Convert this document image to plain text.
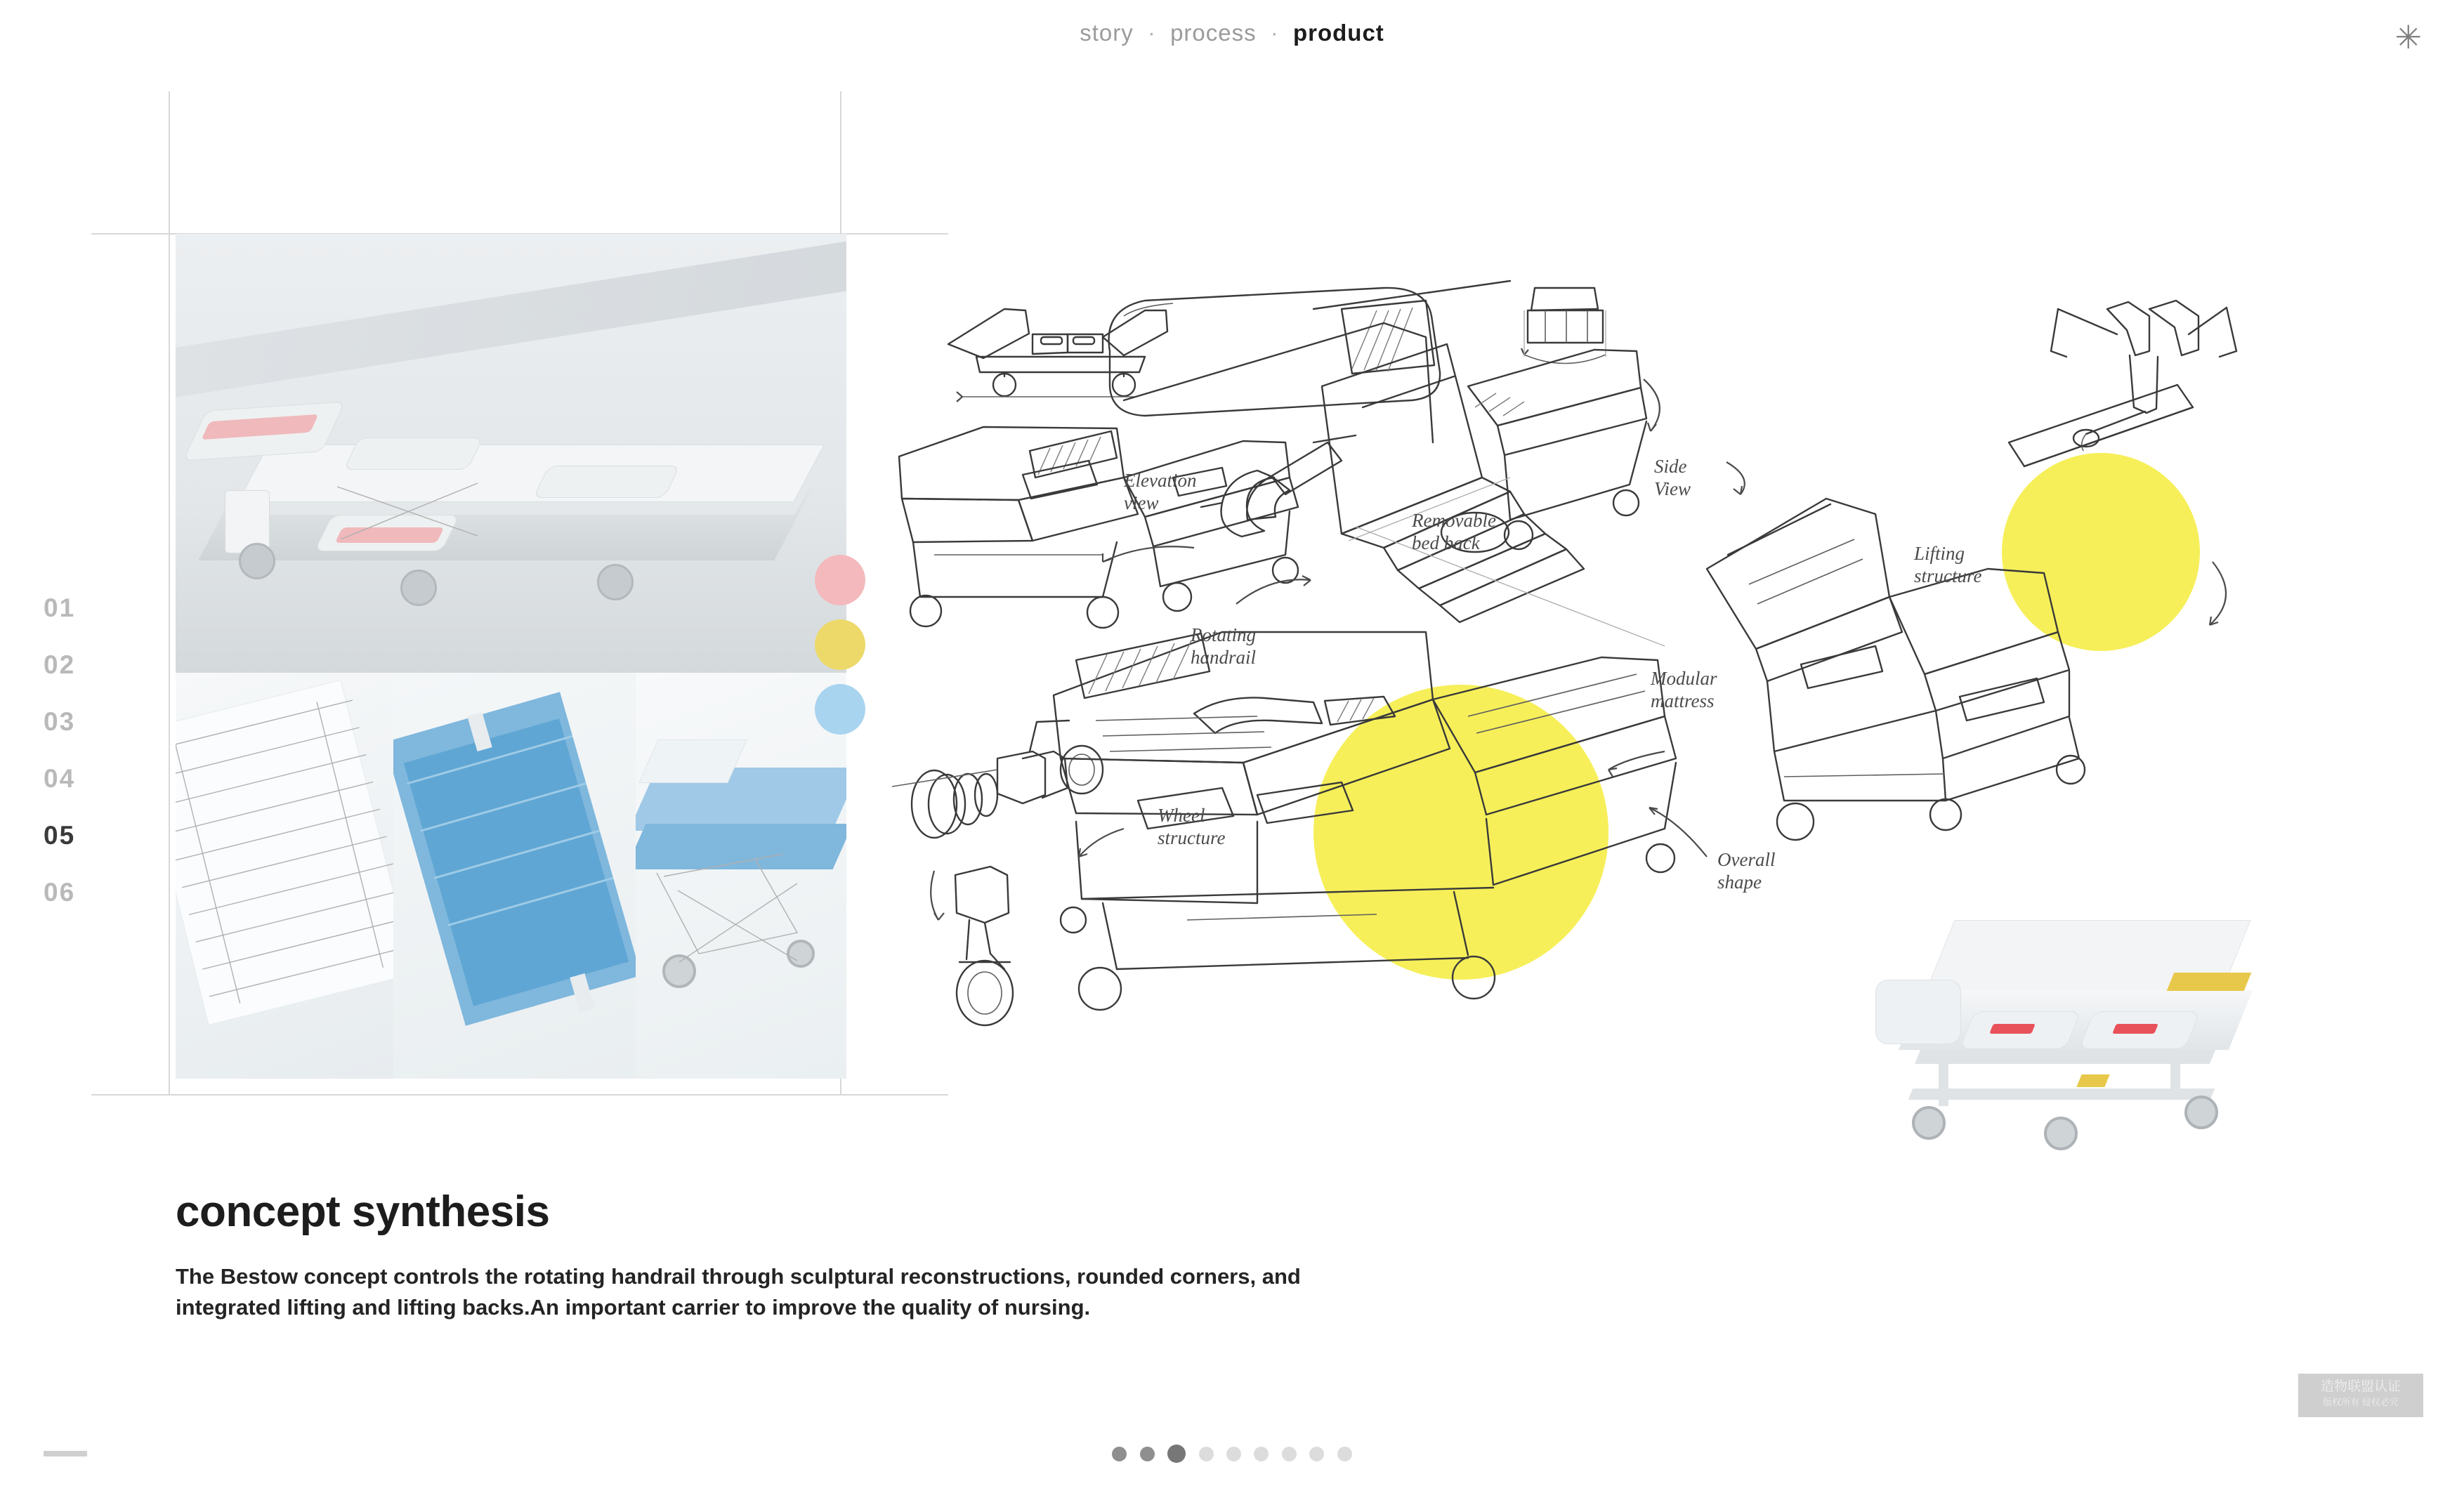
story · process · product	✳
01
02
03
04
05
06
Elevation
view
Removable
bed back
Side
View
Lifting
structure
Rotating
handrail
Modular
mattress
Overall
shape
Wheel
structure
concept synthesis

The Bestow concept controls the rotating handrail through sculptural reconstructions, rounded corners, and integrated lifting and lifting backs.An important carrier to improve the quality of nursing.

造物联盟认证
版权所有 侵权必究
